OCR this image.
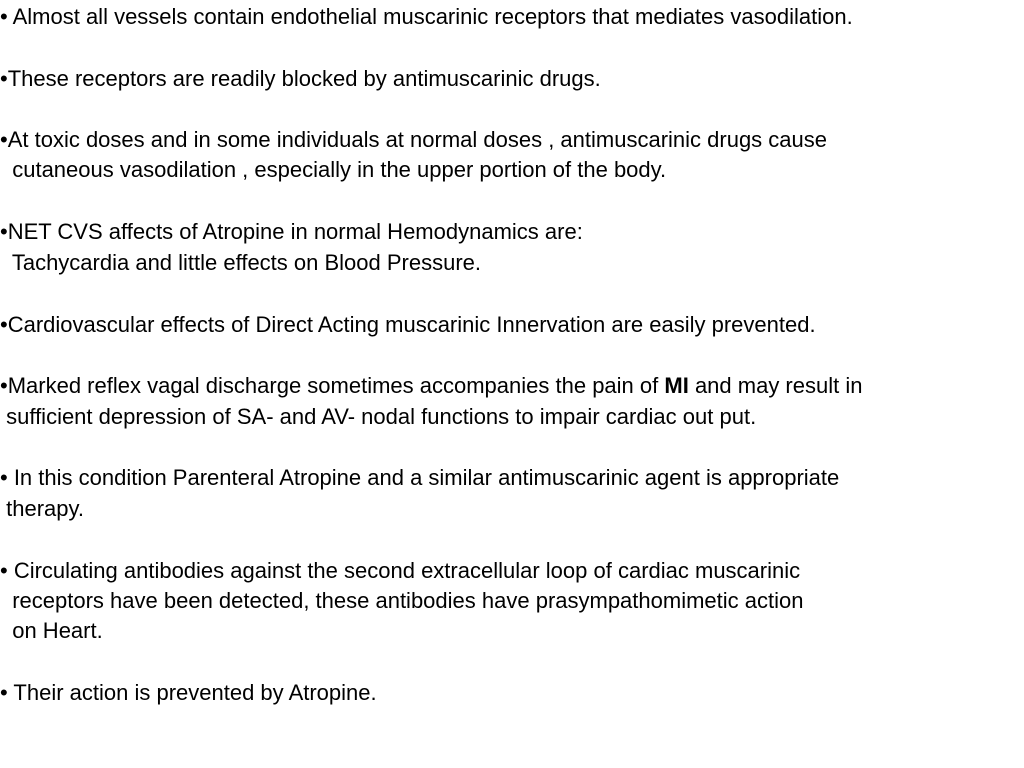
• Almost all vessels contain endothelial muscarinic receptors that mediates vasodilation.
•These receptors are readily blocked by antimuscarinic drugs.
•At toxic doses and in some individuals at normal doses , antimuscarinic drugs cause
cutaneous vasodilation , especially in the upper portion of the body.
•NET CVS affects of Atropine in normal Hemodynamics are:
Tachycardia and little effects on Blood Pressure.
•Cardiovascular effects of Direct Acting muscarinic Innervation are easily prevented.
•Marked reflex vagal discharge sometimes accompanies the pain of MI and may result in
sufficient depression of SA- and AV- nodal functions to impair cardiac out put.
• In this condition Parenteral Atropine and a similar antimuscarinic agent is appropriate
therapy.
• Circulating antibodies against the second extracellular loop of cardiac muscarinic
receptors have been detected, these antibodies have prasympathomimetic action
on Heart.
• Their action is prevented by Atropine.
